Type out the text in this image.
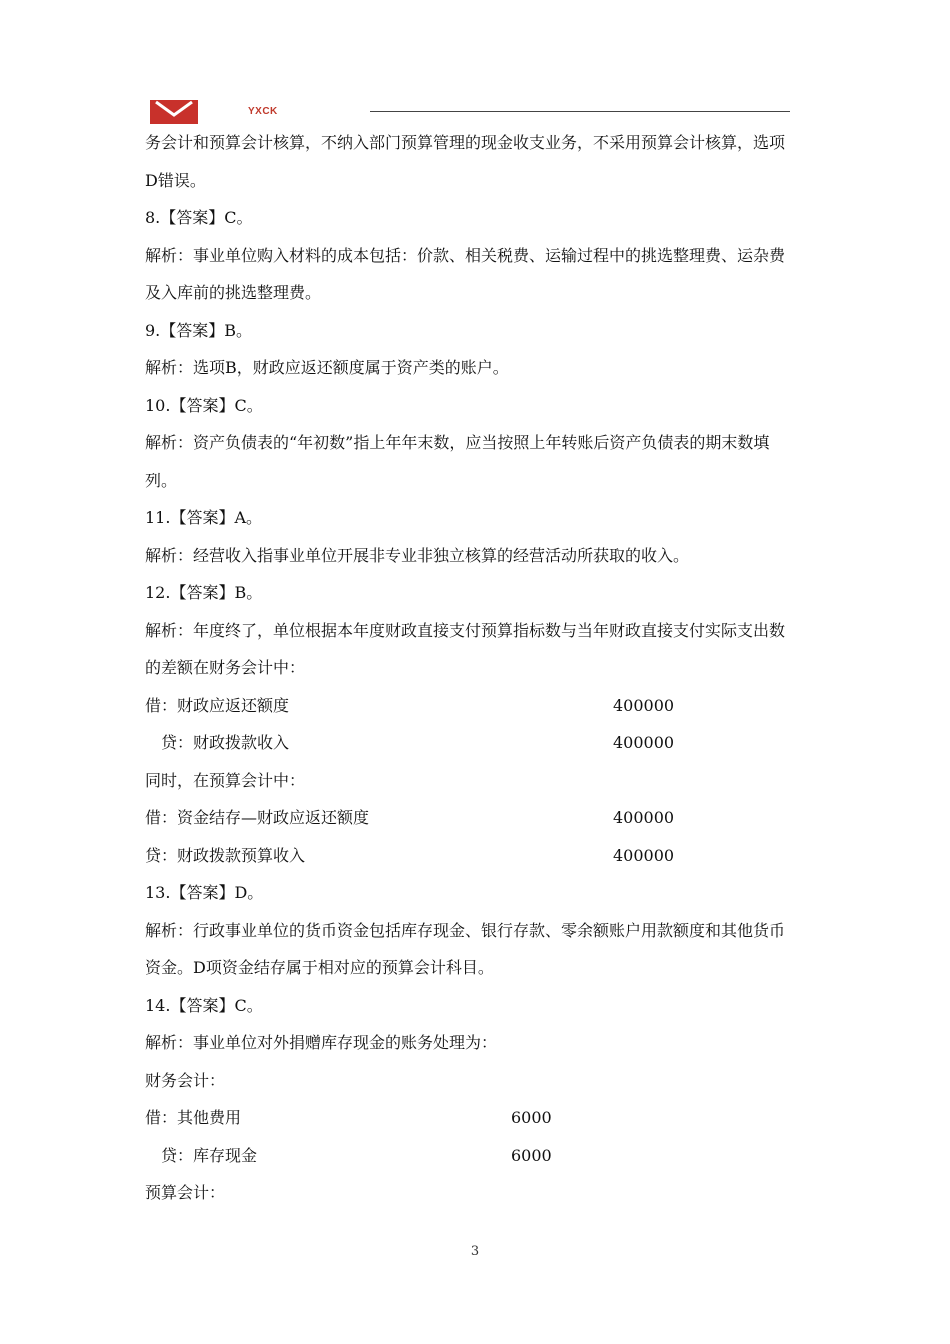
YXCK
务会计和预算会计核算，不纳入部门预算管理的现金收支业务，不采用预算会计核算，选项
D错误。
8.【答案】C。
解析：事业单位购入材料的成本包括：价款、相关税费、运输过程中的挑选整理费、运杂费
及入库前的挑选整理费。
9.【答案】B。
解析：选项B，财政应返还额度属于资产类的账户。
10.【答案】C。
解析：资产负债表的“年初数”指上年年末数，应当按照上年转账后资产负债表的期末数填
列。
11.【答案】A。
解析：经营收入指事业单位开展非专业非独立核算的经营活动所获取的收入。
12.【答案】B。
解析：年度终了，单位根据本年度财政直接支付预算指标数与当年财政直接支付实际支出数
的差额在财务会计中：
借：财政应返还额度	400000
贷：财政拨款收入	400000
同时，在预算会计中：
借：资金结存—财政应返还额度	400000
贷：财政拨款预算收入	400000
13.【答案】D。
解析：行政事业单位的货币资金包括库存现金、银行存款、零余额账户用款额度和其他货币
资金。D项资金结存属于相对应的预算会计科目。
14.【答案】C。
解析：事业单位对外捐赠库存现金的账务处理为：
财务会计：
借：其他费用	6000
贷：库存现金	6000
预算会计：
3
